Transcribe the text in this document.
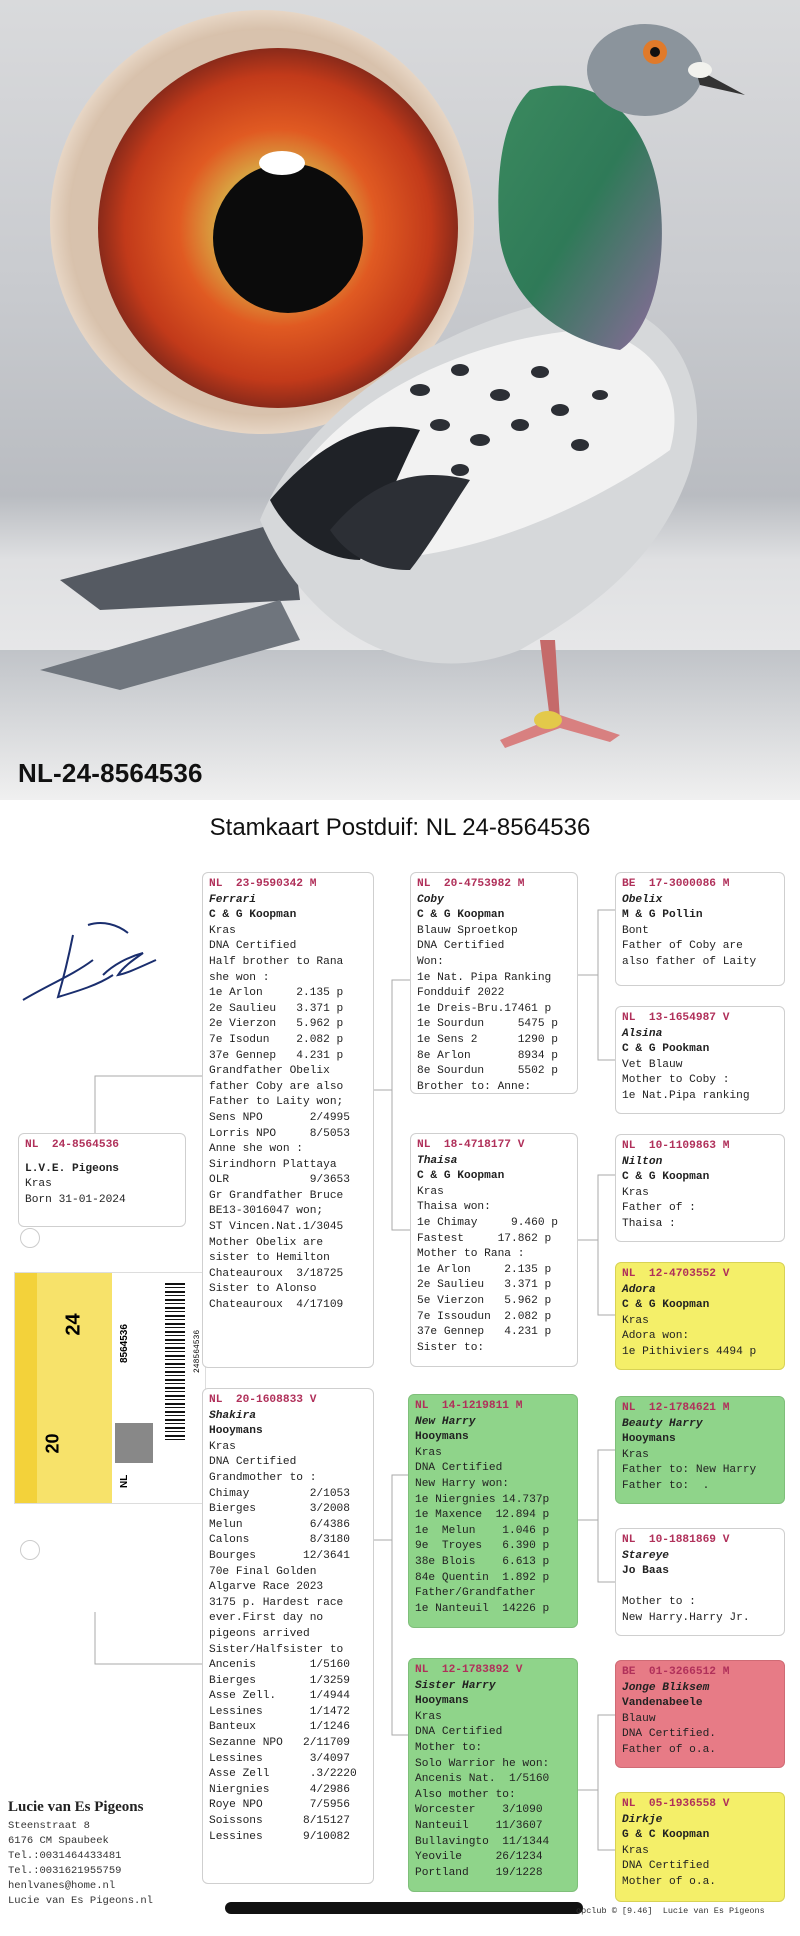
NL-24-8564536
Stamkaart Postduif: NL 24-8564536
NL  24-8564536
L.V.E. Pigeons
Kras
Born 31-01-2024
24
20
8564536
NL
248564536
NL  23-9590342 M
Ferrari
C & G Koopman
Kras
DNA Certified
Half brother to Rana
she won :
1e Arlon     2.135 p
2e Saulieu   3.371 p
2e Vierzon   5.962 p
7e Isodun    2.082 p
37e Gennep   4.231 p
Grandfather Obelix
father Coby are also
Father to Laity won;
Sens NPO       2/4995
Lorris NPO     8/5053
Anne she won :
Sirindhorn Plattaya
OLR            9/3653
Gr Grandfather Bruce
BE13-3016047 won;
ST Vincen.Nat.1/3045
Mother Obelix are
sister to Hemilton
Chateauroux  3/18725
Sister to Alonso
Chateauroux  4/17109
NL  20-1608833 V
Shakira
Hooymans
Kras
DNA Certified
Grandmother to :
Chimay         2/1053
Bierges        3/2008
Melun          6/4386
Calons         8/3180
Bourges       12/3641
70e Final Golden
Algarve Race 2023
3175 p. Hardest race
ever.First day no
pigeons arrived
Sister/Halfsister to
Ancenis        1/5160
Bierges        1/3259
Asse Zell.     1/4944
Lessines       1/1472
Banteux        1/1246
Sezanne NPO   2/11709
Lessines       3/4097
Asse Zell      .3/2220
Niergnies      4/2986
Roye NPO       7/5956
Soissons      8/15127
Lessines      9/10082
NL  20-4753982 M
Coby
C & G Koopman
Blauw Sproetkop
DNA Certified
Won:
1e Nat. Pipa Ranking
Fondduif 2022
1e Dreis-Bru.17461 p
1e Sourdun     5475 p
1e Sens 2      1290 p
8e Arlon       8934 p
8e Sourdun     5502 p
Brother to: Anne:
NL  18-4718177 V
Thaisa
C & G Koopman
Kras
Thaisa won:
1e Chimay     9.460 p
Fastest     17.862 p
Mother to Rana :
1e Arlon     2.135 p
2e Saulieu   3.371 p
5e Vierzon   5.962 p
7e Issoudun  2.082 p
37e Gennep   4.231 p
Sister to:
NL  14-1219811 M
New Harry
Hooymans
Kras
DNA Certified
New Harry won:
1e Niergnies 14.737p
1e Maxence  12.894 p
1e  Melun    1.046 p
9e  Troyes   6.390 p
38e Blois    6.613 p
84e Quentin  1.892 p
Father/Grandfather
1e Nanteuil  14226 p
NL  12-1783892 V
Sister Harry
Hooymans
Kras
DNA Certified
Mother to:
Solo Warrior he won:
Ancenis Nat.  1/5160
Also mother to:
Worcester    3/1090
Nanteuil    11/3607
Bullavingto  11/1344
Yeovile     26/1234
Portland    19/1228
BE  17-3000086 M
Obelix
M & G Pollin
Bont
Father of Coby are
also father of Laity
NL  13-1654987 V
Alsina
C & G Pookman
Vet Blauw
Mother to Coby :
1e Nat.Pipa ranking
NL  10-1109863 M
Nilton
C & G Koopman
Kras
Father of :
Thaisa :
NL  12-4703552 V
Adora
C & G Koopman
Kras
Adora won:
1e Pithiviers 4494 p
NL  12-1784621 M
Beauty Harry
Hooymans
Kras
Father to: New Harry
Father to:  .
NL  10-1881869 V
Stareye
Jo Baas

Mother to :
New Harry.Harry Jr.
BE  01-3266512 M
Jonge Bliksem
Vandenabeele
Blauw
DNA Certified.
Father of o.a.
NL  05-1936558 V
Dirkje
G & C Koopman
Kras
DNA Certified
Mother of o.a.
Lucie van Es Pigeons
Steenstraat 8
6176 CM Spaubeek
Tel.:0031464433481
Tel.:0031621955759
henlvanes@home.nl
Lucie van Es Pigeons.nl
opclub © [9.46]  Lucie van Es Pigeons
